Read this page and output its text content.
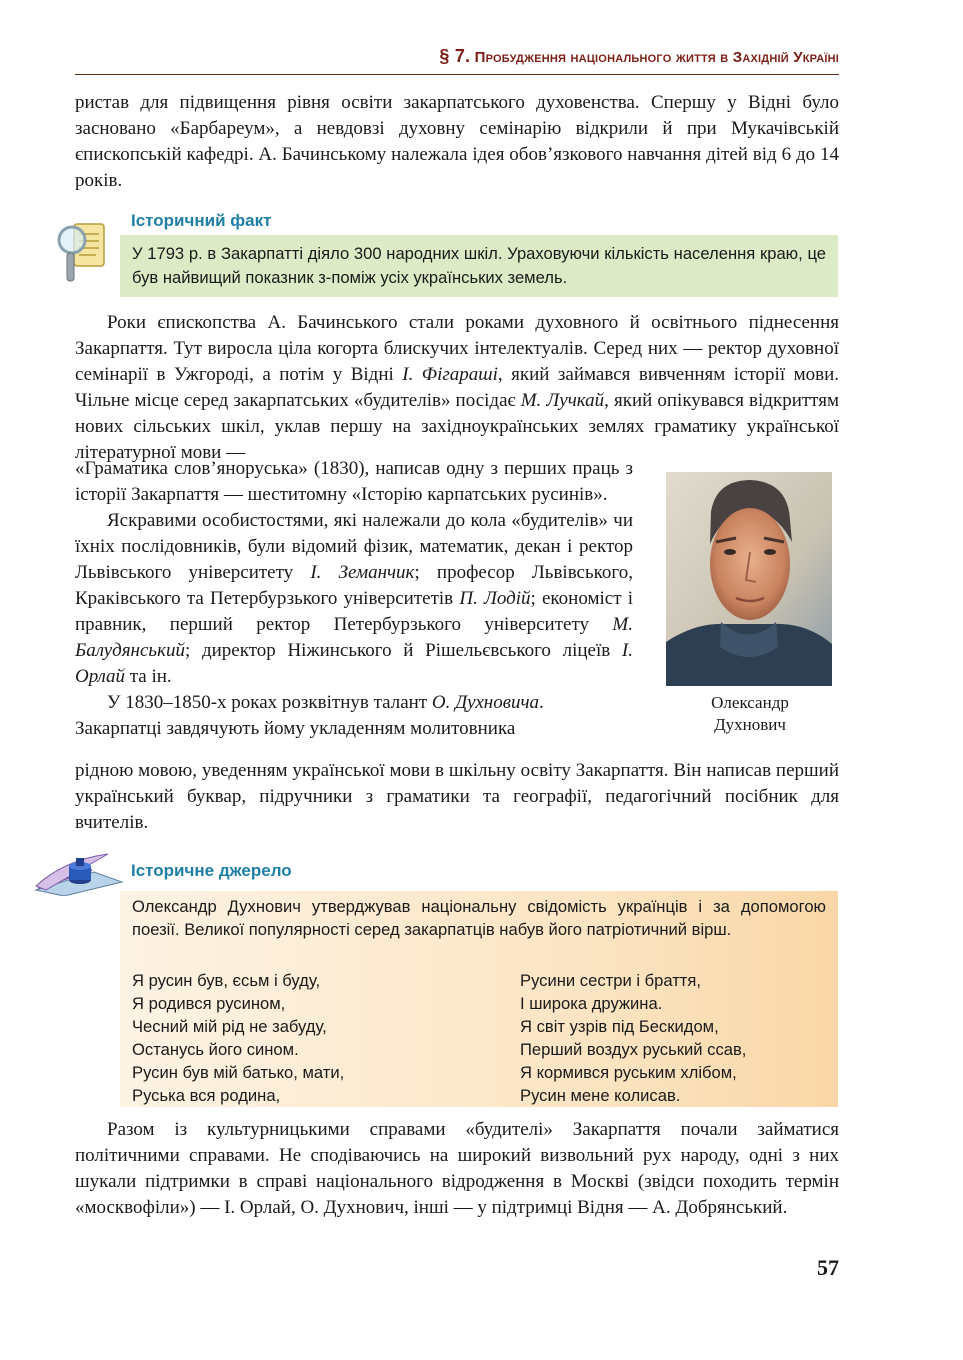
§ 7. Пробудження національного життя в Західній Україні

ристав для підвищення рівня освіти закарпатського духовенства. Спершу у Відні було засновано «Барбареум», а невдовзі духовну семінарію відкрили й при Мукачівській єпископській кафедрі. А. Бачинському належала ідея обов’язкового навчання дітей від 6 до 14 років.

Історичний факт
У 1793 р. в Закарпатті діяло 300 народних шкіл. Ураховуючи кількість населення краю, це був найвищий показник з-поміж усіх українських земель.

Роки єпископства А. Бачинського стали роками духовного й освітнього піднесення Закарпаття. Тут виросла ціла когорта блискучих інтелектуалів. Серед них — ректор духовної семінарії в Ужгороді, а потім у Відні І. Фігараші, який займався вивченням історії мови. Чільне місце серед закарпатських «будителів» посідає М. Лучкай, який опікувався відкриттям нових сільських шкіл, уклав першу на західноукраїнських землях граматику української літературної мови —

«Граматика слов’янoруська» (1830), написав одну з перших праць з історії Закарпаття — шеститомну «Історію карпатських русинів».

Яскравими особистостями, які належали до кола «будителів» чи їхніх послідовників, були відомий фізик, математик, декан і ректор Львівського університету І. Земанчик; професор Львівського, Краківського та Петербурзького університетів П. Лодій; економіст і правник, перший ректор Петербурзького університету М. Балудянський; директор Ніжинського й Рішельєвського ліцеїв І. Орлай та ін.

У 1830–1850-х роках розквітнув талант О. Духновича.

Закарпатці завдячують йому укладенням молитовника

рідною мовою, уведенням української мови в шкільну освіту Закарпаття. Він написав перший український буквар, підручники з граматики та географії, педагогічний посібник для вчителів.

Олександр
Духнович
Історичне джерело
Олександр Духнович утверджував національну свідомість українців і за допомогою поезії. Великої популярності серед закарпатців набув його патріотичний вірш.
Я русин був, єсьм і буду,
Я родився русином,
Чесний мій рід не забуду,
Останусь його сином.
Русин був мій батько, мати,
Руська вся родина,
Русини сестри і браття,
І широка дружина.
Я світ узрів під Бескидом,
Перший воздух руський ссав,
Я кормився руським хлібом,
Русин мене колисав.

Разом із культурницькими справами «будителі» Закарпаття почали займатися політичними справами. Не сподіваючись на широкий визвольний рух народу, одні з них шукали підтримки в справі національного відродження в Москві (звідси походить термін «москвофіли») — І. Орлай, О. Духнович, інші — у підтримці Відня — А. Добрянський.

57
